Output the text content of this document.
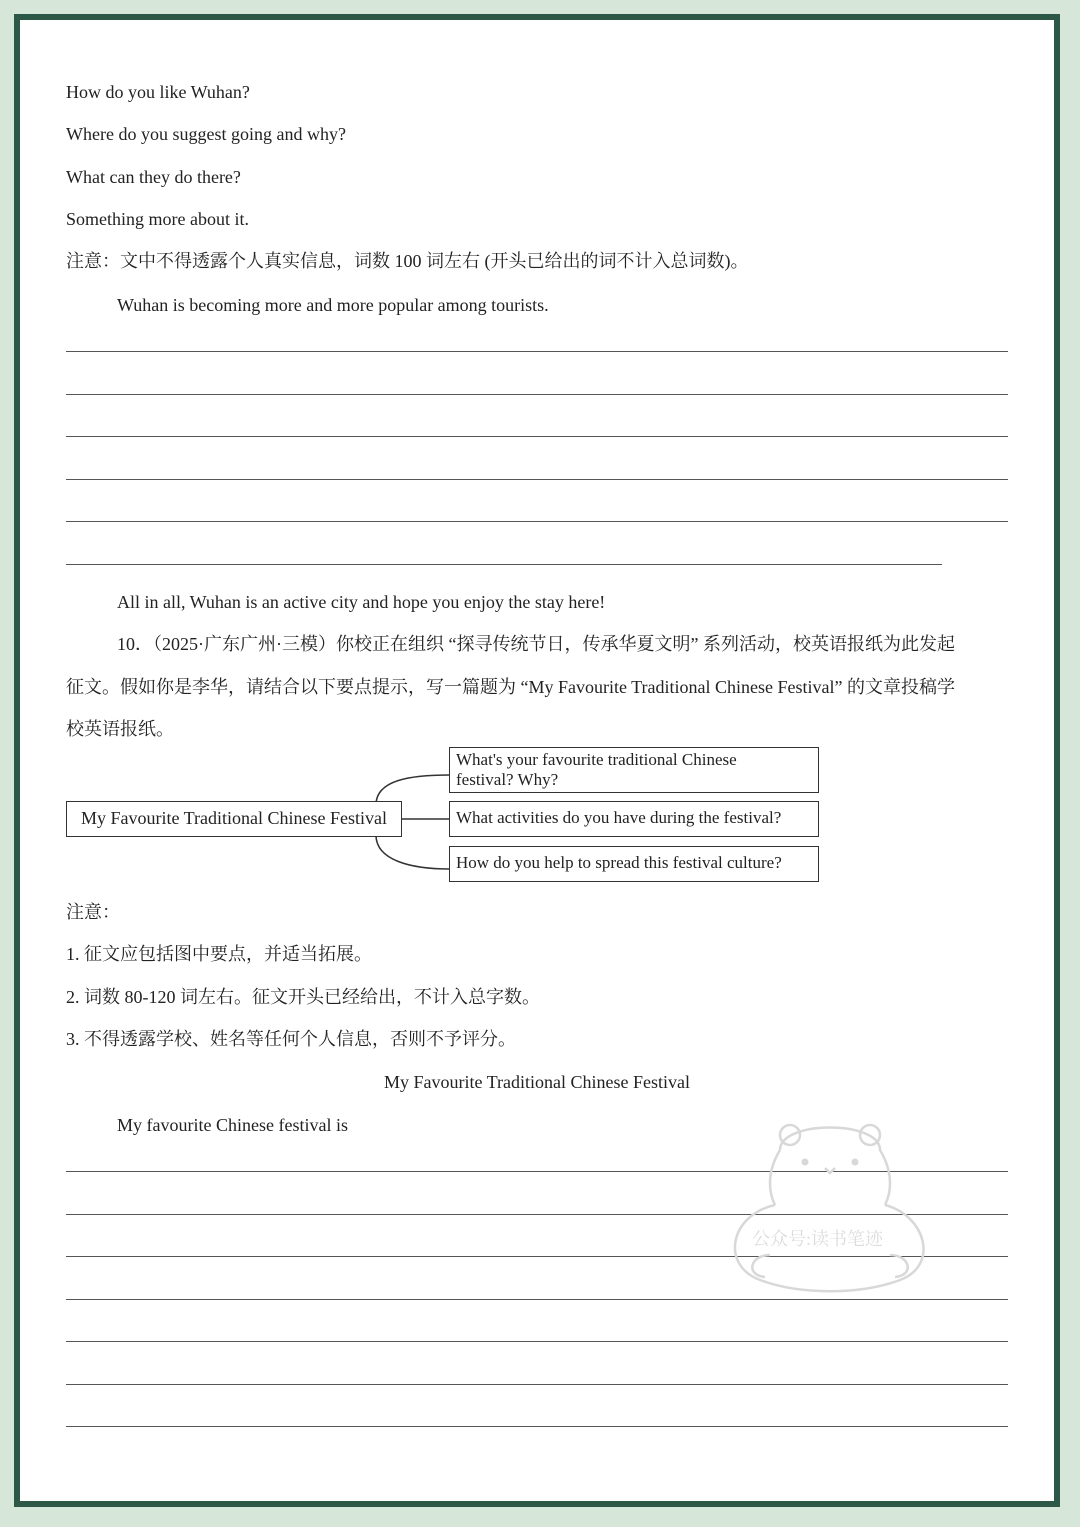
How do you like Wuhan?
Where do you suggest going and why?
What can they do there?
Something more about it.
注意：文中不得透露个人真实信息，词数 100 词左右 (开头已给出的词不计入总词数)。
Wuhan is becoming more and more popular among tourists.
All in all, Wuhan is an active city and hope you enjoy the stay here!
10．（2025·广东广州·三模）你校正在组织 “探寻传统节日，传承华夏文明” 系列活动，校英语报纸为此发起
征文。假如你是李华，请结合以下要点提示，写一篇题为 “My Favourite Traditional Chinese Festival” 的文章投稿学
校英语报纸。
My Favourite Traditional Chinese Festival
What's your favourite traditional Chinese
festival? Why?
What activities do you have during the festival?
How do you help to spread this festival culture?
注意：
1. 征文应包括图中要点，并适当拓展。
2. 词数 80-120 词左右。征文开头已经给出，不计入总字数。
3. 不得透露学校、姓名等任何个人信息，否则不予评分。
My Favourite Traditional Chinese Festival
My favourite Chinese festival is
公众号:读书笔迹
